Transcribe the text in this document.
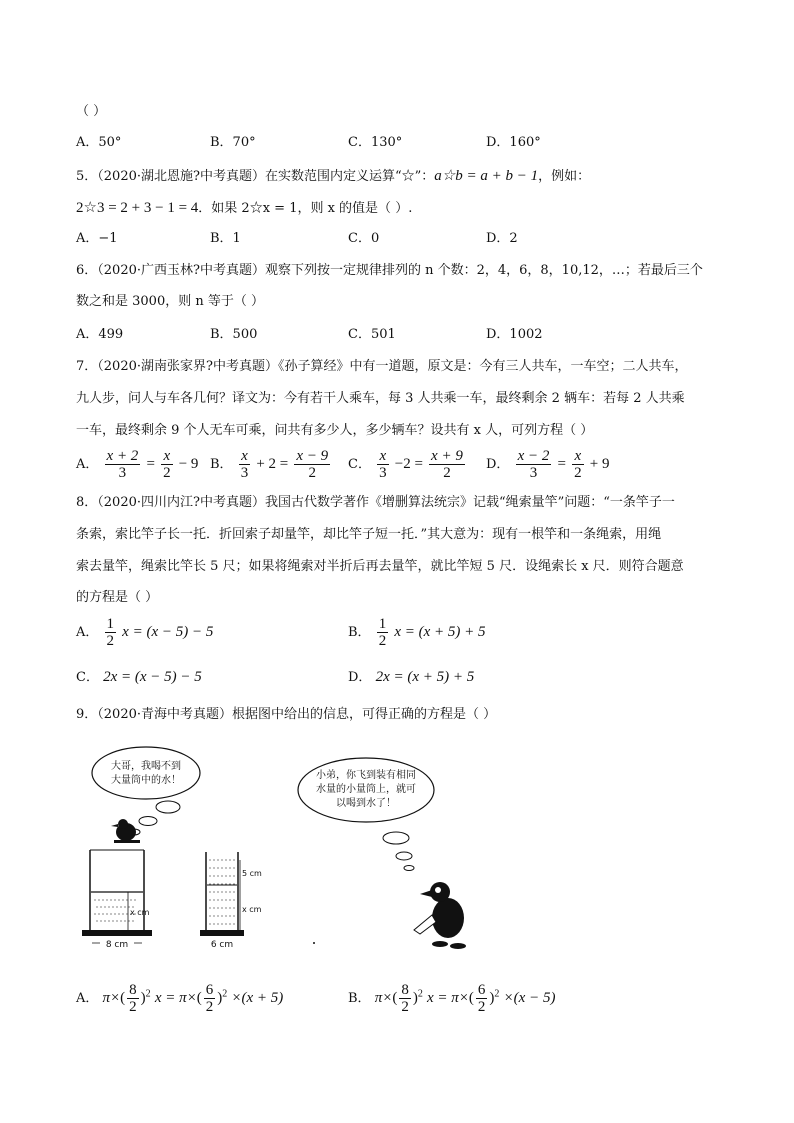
（ ）
A．50°	B．70°	C．130°	D．160°
5．（2020·湖北恩施?中考真题）在实数范围内定义运算“☆”：a☆b = a + b − 1，例如：
2☆3 = 2 + 3 − 1 = 4．如果 2☆x = 1，则 x 的值是（ ）.
A．−1	B．1	C．0	D．2
6．（2020·广西玉林?中考真题）观察下列按一定规律排列的 n 个数：2，4，6，8，10,12，…；若最后三个
数之和是 3000，则 n 等于（ ）
A．499	B．500	C．501	D．1002
7．（2020·湖南张家界?中考真题）《孙子算经》中有一道题，原文是：今有三人共车，一车空；二人共车，
九人步，问人与车各几何？译文为：今有若干人乘车，每 3 人共乘一车，最终剩余 2 辆车：若每 2 人共乘
一车，最终剩余 9 个人无车可乘，问共有多少人，多少辆车？设共有 x 人，可列方程（ ）
A． $\frac{x + 2}{3} = \frac{x}{2} - 9$ B． $\frac{x}{3} + 2 = \frac{x - 9}{2}$ C． $\frac{x}{3} -2 = \frac{x + 9}{2}$ D． $\frac{x - 2}{3} = \frac{x}{2} + 9$
8．（2020·四川内江?中考真题）我国古代数学著作《增删算法统宗》记载“绳索量竿”问题：“一条竿子一
条索，索比竿子长一托．折回索子却量竿，却比竿子短一托．”其大意为：现有一根竿和一条绳索，用绳
索去量竿，绳索比竿长 5 尺；如果将绳索对半折后再去量竿，就比竿短 5 尺．设绳索长 x 尺．则符合题意
的方程是（ ）
A． $\frac{1}{2}$ x = (x − 5) − 5	B． $\frac{1}{2}$ x = (x + 5) + 5
C． 2x = (x − 5) − 5	D． 2x = (x + 5) + 5
9．（2020·青海中考真题）根据图中给出的信息，可得正确的方程是（ ）
大哥，我喝不到
大量筒中的水！	小弟，你飞到装有相同
水量的小量筒上，就可
以喝到水了！
x cm
8 cm
5 cm
x cm
6 cm
A． $\pi\times( \frac{8}{2} )^2$ $x = \pi\times( \frac{6}{2} )^2 \times(x + 5)$	B． $\pi\times( \frac{8}{2} )^2$ $x = \pi\times( \frac{6}{2} )^2 \times(x - 5)$
